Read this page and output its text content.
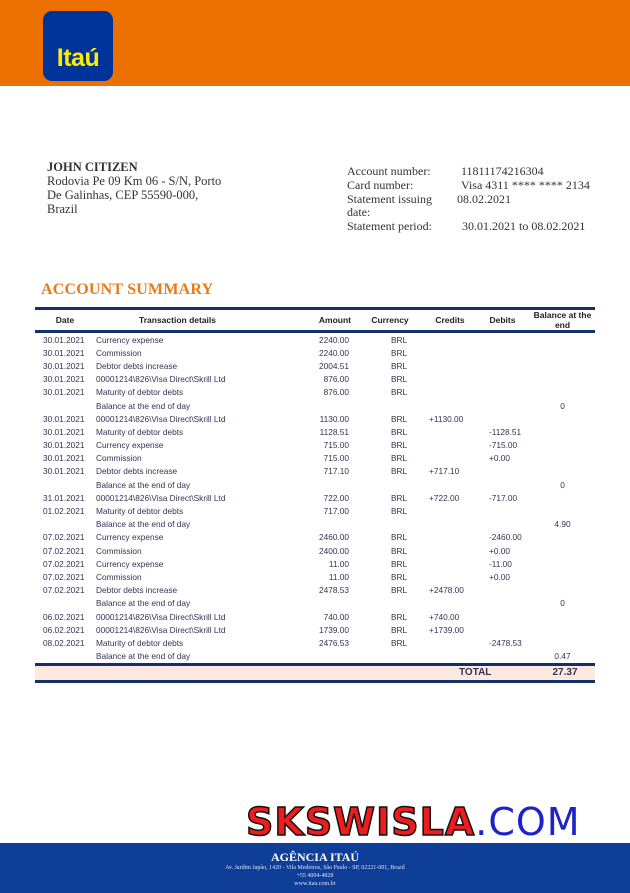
Itaú
JOHN CITIZEN
Rodovia Pe 09 Km 06 - S/N, Porto
De Galinhas, CEP 55590-000,
Brazil
Account number:	11811174216304
Card number:	Visa 4311 **** **** 2134
Statement issuing date:
08.02.2021
Statement period:	30.01.2021 to 08.02.2021
ACCOUNT SUMMARY
Date	Transaction details	Amount	Currency	Credits	Debits	Balance at the end
30.01.2021	Currency expense	2240.00	BRL			
30.01.2021	Commission	2240.00	BRL			
30.01.2021	Debtor debts increase	2004.51	BRL			
30.01.2021	00001214\826\Visa Direct\Skrill Ltd	876.00	BRL			
30.01.2021	Maturity of debtor debts	876.00	BRL			
	Balance at the end of day					0
30.01.2021	00001214\826\Visa Direct\Skrill Ltd	1130.00	BRL	+1130.00		
30.01.2021	Maturity of debtor debts	1128.51	BRL		-1128.51	
30.01.2021	Currency expense	715.00	BRL		-715.00	
30.01.2021	Commission	715.00	BRL		+0.00	
30.01.2021	Debtor debts increase	717.10	BRL	+717.10		
	Balance at the end of day					0
31.01.2021	00001214\826\Visa Direct\Skrill Ltd	722.00	BRL	+722.00	-717.00	
01.02.2021	Maturity of debtor debts	717.00	BRL			
	Balance at the end of day					4.90
07.02.2021	Currency expense	2460.00	BRL		-2460.00	
07.02.2021	Commission	2400.00	BRL		+0.00	
07.02.2021	Currency expense	11.00	BRL		-11.00	
07.02.2021	Commission	11.00	BRL		+0.00	
07.02.2021	Debtor debts increase	2478.53	BRL	+2478.00		
	Balance at the end of day					0
06.02.2021	00001214\826\Visa Direct\Skrill Ltd	740.00	BRL	+740.00		
06.02.2021	00001214\826\Visa Direct\Skrill Ltd	1739.00	BRL	+1739.00		
08.02.2021	Maturity of debtor debts	2476.53	BRL		-2478.53	
	Balance at the end of day					0.47
TOTAL	27.37
SKSWISLA.COM
AGÊNCIA ITAÚ
Av. Jardim Japão, 1420 - Vila Medeiros, São Paulo - SP, 02221-001, Brazil
+55 4004-4828
www.itau.com.br
